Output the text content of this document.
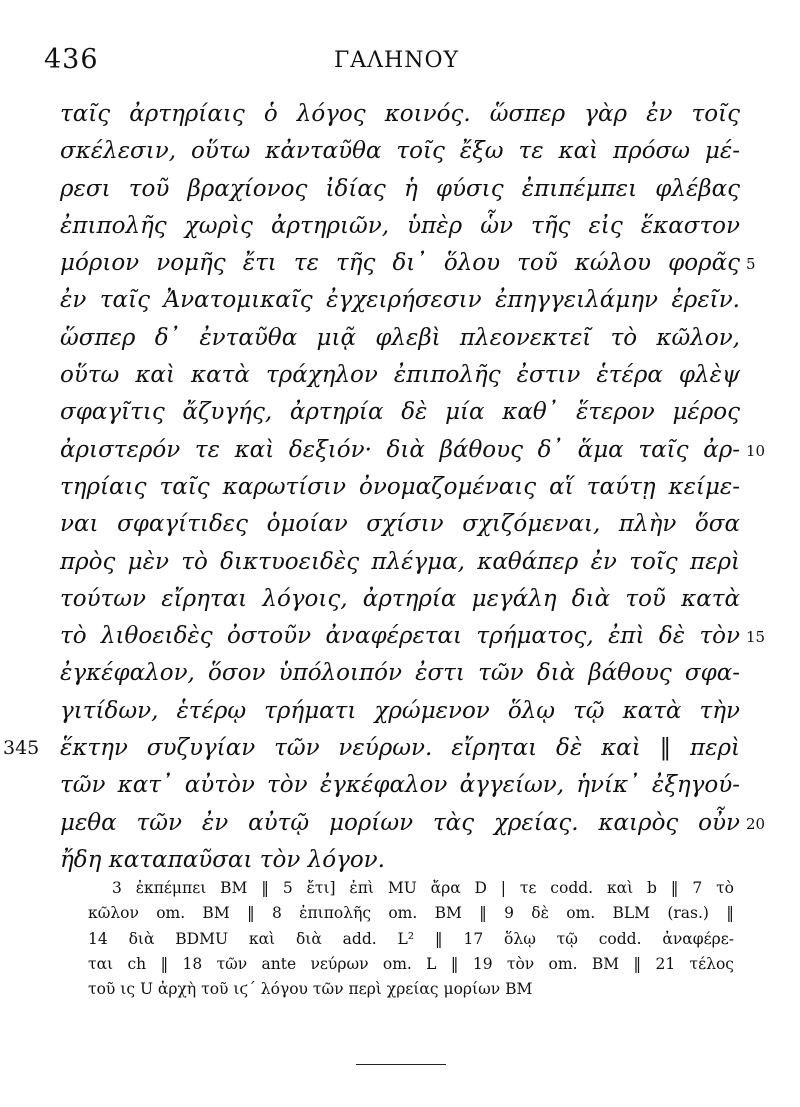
436	ΓΑΛΗΝΟΥ
ταῖς ἀρτηρίαις ὁ λόγος κοινός. ὥσπερ γὰρ ἐν τοῖς
σκέλεσιν, οὕτω κἀνταῦθα τοῖς ἔξω τε καὶ πρόσω μέ-
ρεσι τοῦ βραχίονος ἰδίας ἡ φύσις ἐπιπέμπει φλέβας
ἐπιπολῆς χωρὶς ἀρτηριῶν, ὑπὲρ ὧν τῆς εἰς ἕκαστον
μόριον νομῆς ἔτι τε τῆς δι᾽ ὅλου τοῦ κώλου φορᾶς 5
ἐν ταῖς Ἀνατομικαῖς ἐγχειρήσεσιν ἐπηγγειλάμην ἐρεῖν.
ὥσπερ δ᾽ ἐνταῦθα μιᾷ φλεβὶ πλεονεκτεῖ τὸ κῶλον,
οὕτω καὶ κατὰ τράχηλον ἐπιπολῆς ἐστιν ἑτέρα φλὲψ
σφαγῖτις ἄζυγής, ἀρτηρία δὲ μία καθ᾽ ἕτερον μέρος
ἀριστερόν τε καὶ δεξιόν· διὰ βάθους δ᾽ ἅμα ταῖς ἀρ- 10
τηρίαις ταῖς καρωτίσιν ὀνομαζομέναις αἵ ταύτῃ κείμε-
ναι σφαγίτιδες ὁμοίαν σχίσιν σχιζόμεναι, πλὴν ὅσα
πρὸς μὲν τὸ δικτυοειδὲς πλέγμα, καθάπερ ἐν τοῖς περὶ
τούτων εἴρηται λόγοις, ἀρτηρία μεγάλη διὰ τοῦ κατὰ
τὸ λιθοειδὲς ὀστοῦν ἀναφέρεται τρήματος, ἐπὶ δὲ τὸν 15
ἐγκέφαλον, ὅσον ὑπόλοιπόν ἐστι τῶν διὰ βάθους σφα-
γιτίδων, ἑτέρῳ τρήματι χρώμενον ὅλῳ τῷ κατὰ τὴν
345 ἕκτην συζυγίαν τῶν νεύρων. εἴρηται δὲ καὶ ‖ περὶ
τῶν κατ᾽ αὐτὸν τὸν ἐγκέφαλον ἀγγείων, ἡνίκ᾽ ἐξηγού-
μεθα τῶν ἐν αὐτῷ μορίων τὰς χρείας. καιρὸς οὖν 20
ἤδη καταπαῦσαι τὸν λόγον.
3 ἐκπέμπει BM ‖ 5 ἔτι] ἐπὶ MU ἄρα D | τε codd. καὶ b ‖ 7 τὸ
κῶλον om. BM ‖ 8 ἐπιπολῆς om. BM ‖ 9 δὲ om. BLM (ras.) ‖
14 διὰ BDMU καὶ διὰ add. L² ‖ 17 ὅλῳ τῷ codd. ἀναφέρε-
ται ch ‖ 18 τῶν ante νεύρων om. L ‖ 19 τὸν om. BM ‖ 21 τέλος
τοῦ ις U ἀρχὴ τοῦ ιϛ´ λόγου τῶν περὶ χρείας μορίων BM
